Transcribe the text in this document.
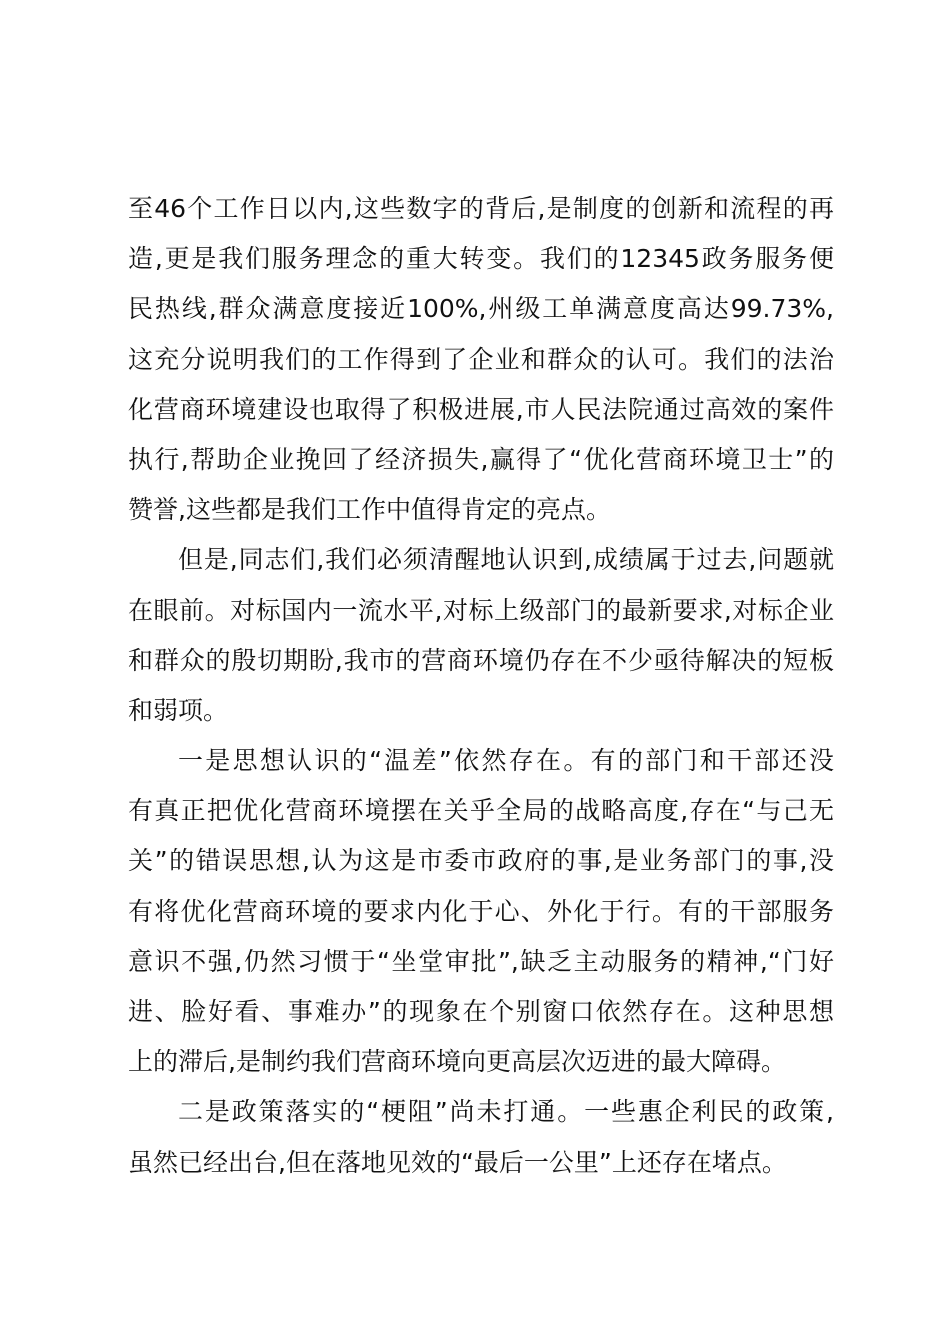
至46个工作日以内,这些数字的背后,是制度的创新和流程的再
造,更是我们服务理念的重大转变。我们的12345政务服务便
民热线,群众满意度接近100%,州级工单满意度高达99.73%,
这充分说明我们的工作得到了企业和群众的认可。我们的法治
化营商环境建设也取得了积极进展,市人民法院通过高效的案件
执行,帮助企业挽回了经济损失,赢得了“优化营商环境卫士”的
赞誉,这些都是我们工作中值得肯定的亮点。
但是,同志们,我们必须清醒地认识到,成绩属于过去,问题就
在眼前。对标国内一流水平,对标上级部门的最新要求,对标企业
和群众的殷切期盼,我市的营商环境仍存在不少亟待解决的短板
和弱项。
一是思想认识的“温差”依然存在。有的部门和干部还没
有真正把优化营商环境摆在关乎全局的战略高度,存在“与己无
关”的错误思想,认为这是市委市政府的事,是业务部门的事,没
有将优化营商环境的要求内化于心、外化于行。有的干部服务
意识不强,仍然习惯于“坐堂审批”,缺乏主动服务的精神,“门好
进、脸好看、事难办”的现象在个别窗口依然存在。这种思想
上的滞后,是制约我们营商环境向更高层次迈进的最大障碍。
二是政策落实的“梗阻”尚未打通。一些惠企利民的政策,
虽然已经出台,但在落地见效的“最后一公里”上还存在堵点。
